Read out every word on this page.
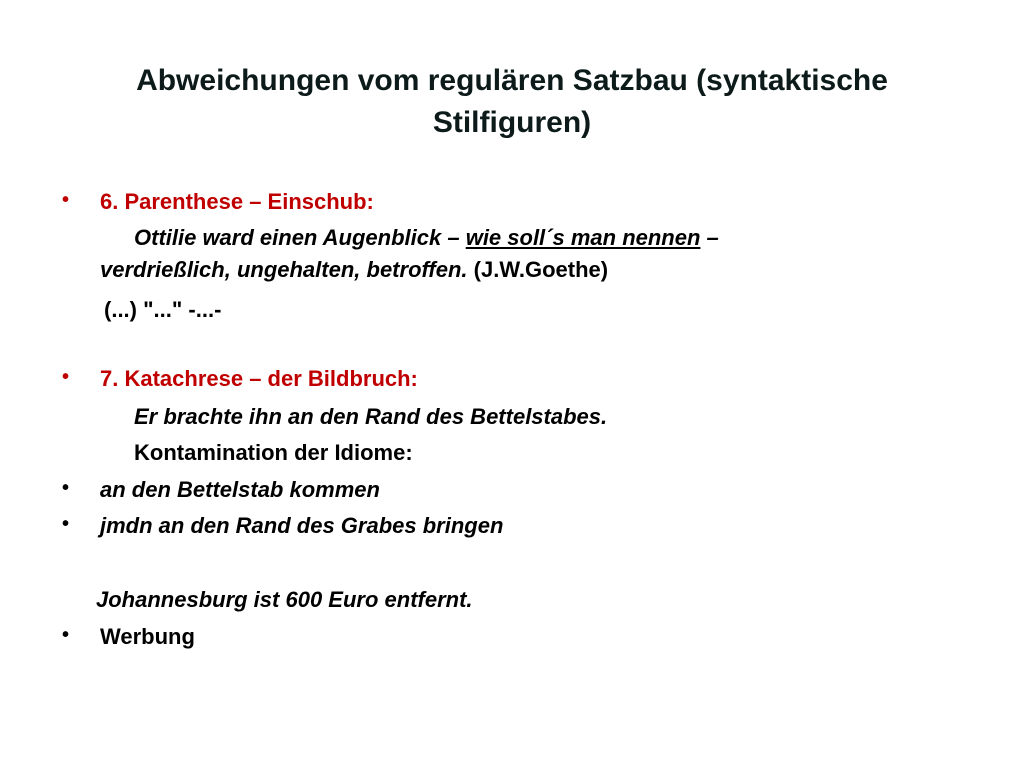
Abweichungen vom regulären Satzbau (syntaktische Stilfiguren)
• 6. Parenthese – Einschub:
Ottilie ward einen Augenblick – wie soll´s man nennen –
verdrießlich, ungehalten, betroffen. (J.W.Goethe)
(...) "..." -...-
• 7. Katachrese – der Bildbruch:
Er brachte ihn an den Rand des Bettelstabes.
Kontamination der Idiome:
• an den Bettelstab kommen
• jmdn an den Rand des Grabes bringen
Johannesburg ist 600 Euro entfernt.
• Werbung
